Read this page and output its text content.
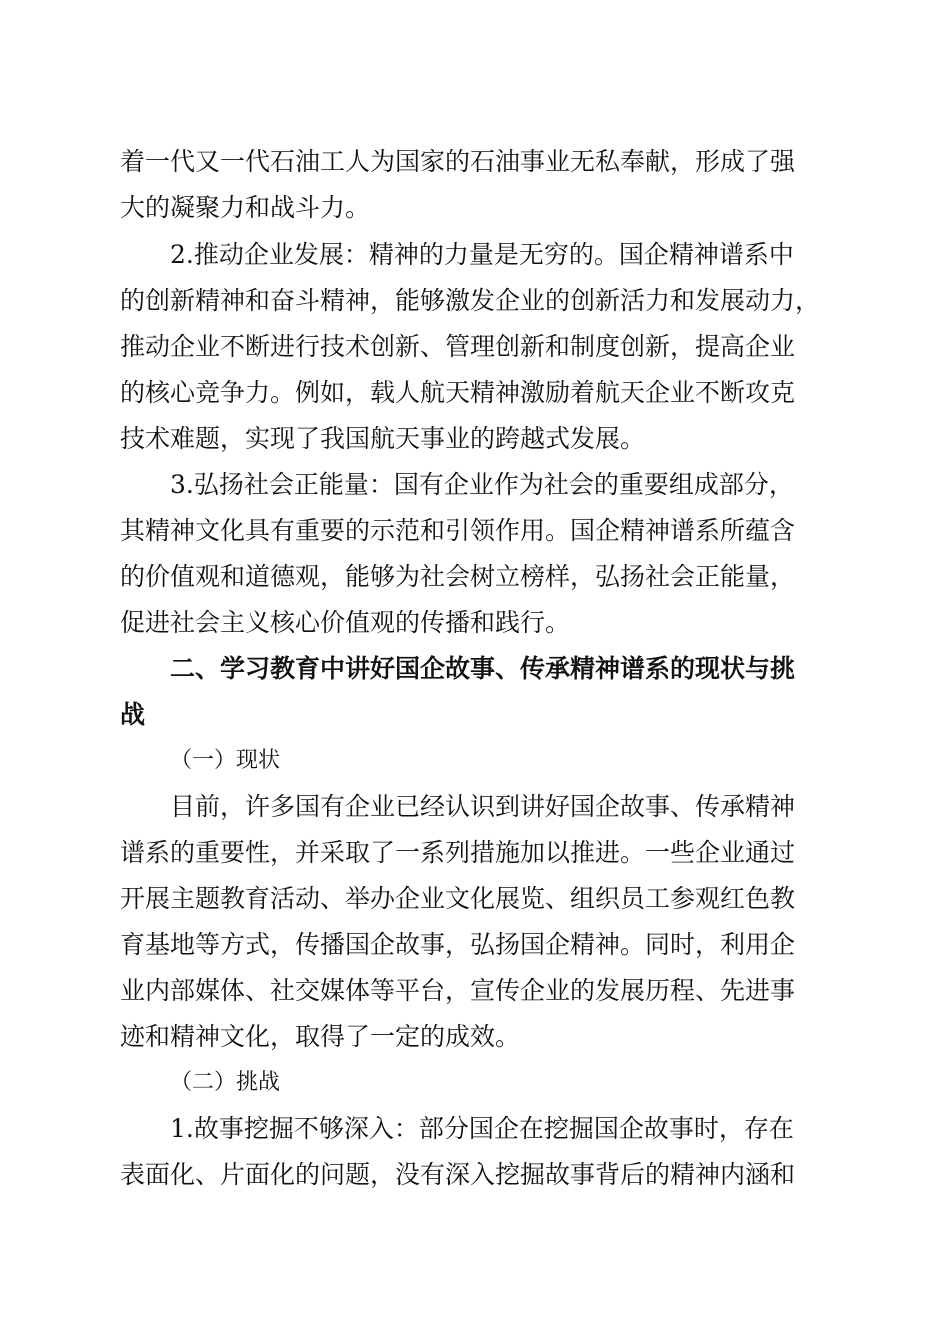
着一代又一代石油工人为国家的石油事业无私奉献，形成了强
大的凝聚力和战斗力。
2.推动企业发展：精神的力量是无穷的。国企精神谱系中
的创新精神和奋斗精神，能够激发企业的创新活力和发展动力，
推动企业不断进行技术创新、管理创新和制度创新，提高企业
的核心竞争力。例如，载人航天精神激励着航天企业不断攻克
技术难题，实现了我国航天事业的跨越式发展。
3.弘扬社会正能量：国有企业作为社会的重要组成部分，
其精神文化具有重要的示范和引领作用。国企精神谱系所蕴含
的价值观和道德观，能够为社会树立榜样，弘扬社会正能量，
促进社会主义核心价值观的传播和践行。
二、学习教育中讲好国企故事、传承精神谱系的现状与挑
战
（一）现状
目前，许多国有企业已经认识到讲好国企故事、传承精神
谱系的重要性，并采取了一系列措施加以推进。一些企业通过
开展主题教育活动、举办企业文化展览、组织员工参观红色教
育基地等方式，传播国企故事，弘扬国企精神。同时，利用企
业内部媒体、社交媒体等平台，宣传企业的发展历程、先进事
迹和精神文化，取得了一定的成效。
（二）挑战
1.故事挖掘不够深入：部分国企在挖掘国企故事时，存在
表面化、片面化的问题，没有深入挖掘故事背后的精神内涵和
